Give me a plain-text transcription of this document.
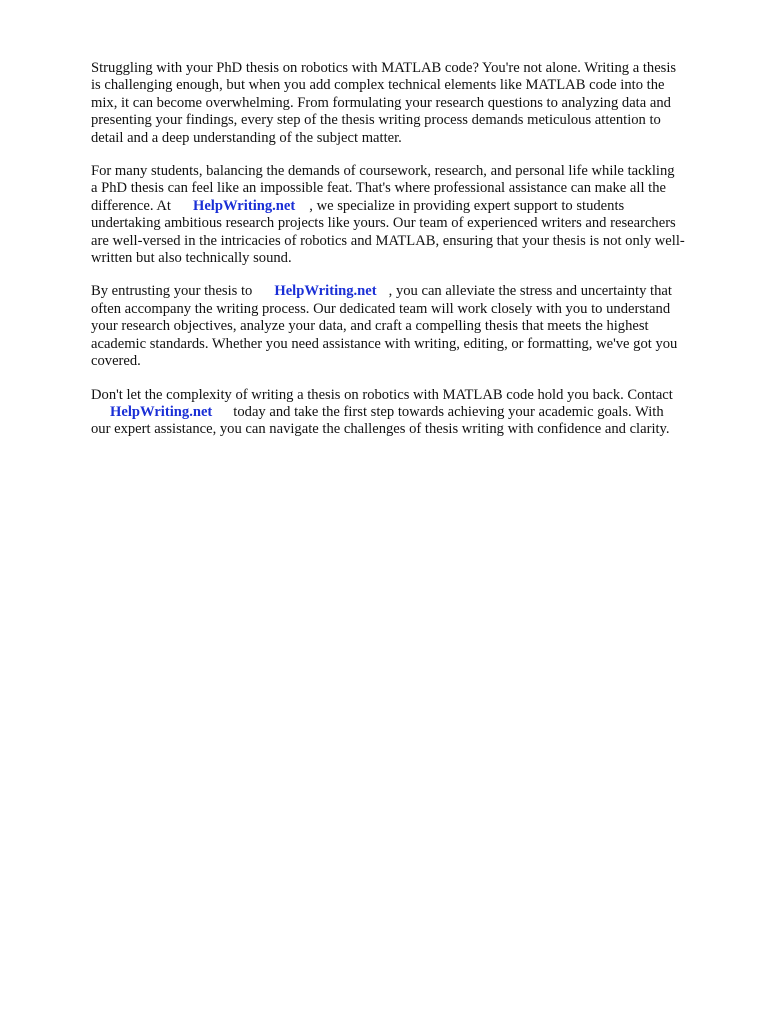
Struggling with your PhD thesis on robotics with MATLAB code? You're not alone. Writing a thesis
is challenging enough, but when you add complex technical elements like MATLAB code into the
mix, it can become overwhelming. From formulating your research questions to analyzing data and
presenting your findings, every step of the thesis writing process demands meticulous attention to
detail and a deep understanding of the subject matter.

For many students, balancing the demands of coursework, research, and personal life while tackling
a PhD thesis can feel like an impossible feat. That's where professional assistance can make all the
difference. At HelpWriting.net , we specialize in providing expert support to students
undertaking ambitious research projects like yours. Our team of experienced writers and researchers
are well-versed in the intricacies of robotics and MATLAB, ensuring that your thesis is not only well-
written but also technically sound.

By entrusting your thesis to HelpWriting.net , you can alleviate the stress and uncertainty that
often accompany the writing process. Our dedicated team will work closely with you to understand
your research objectives, analyze your data, and craft a compelling thesis that meets the highest
academic standards. Whether you need assistance with writing, editing, or formatting, we've got you
covered.

Don't let the complexity of writing a thesis on robotics with MATLAB code hold you back. Contact
HelpWriting.net today and take the first step towards achieving your academic goals. With
our expert assistance, you can navigate the challenges of thesis writing with confidence and clarity.
